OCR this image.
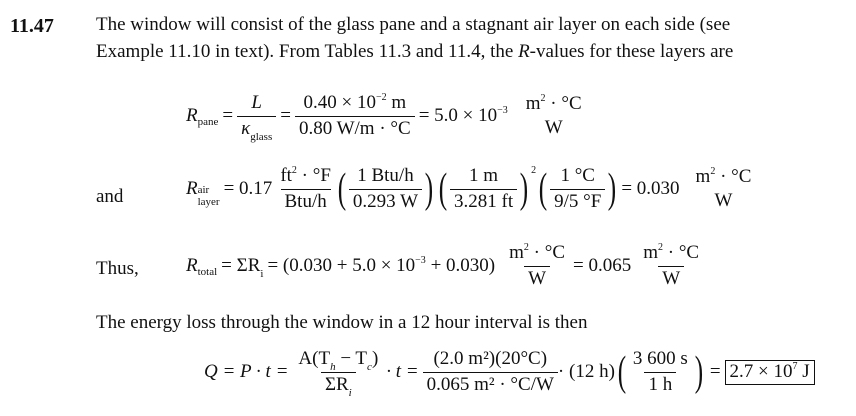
11.47 The window will consist of the glass pane and a stagnant air layer on each side (see
Example 11.10 in text). From Tables 11.3 and 11.4, the R-values for these layers are
R pane = $\frac{L}{\kappa_{glass}} = \frac{0.40 \times 10^{-2} m}{0.80 W/m \cdot ^\circ C} = 5.0 \times 10^{-3}$ $m^2 \cdot ^\circ C$
W
and	R air
layer
= $0.17 \frac{ft^2 \cdot ^\circ F}{\text{Btu/h}}$ ( $\frac{\text{1 Btu/h}}{0.293 W}$ ) ( $\frac{1 m}{3.281 ft}$ ) 2 ( $\frac{1 ^\circ C}{9/5 ^\circ F}$ ) = 0.030
$m^2 \cdot ^\circ C$
W
Thus, R total = $\Sigma R_i = (0.030 + 5.0 \times 10^{-3} + 0.030) \frac{m^2 \cdot ^\circ C}{W} = 0.065 \frac{m^2 \cdot ^\circ C}{W}$
The energy loss through the window in a 12 hour interval is then
$Q = P \cdot t = \frac{A(T_h - T_c)}{\Sigma R_i} \cdot t = \frac{\text{(2.0 m²)(20°C)}}{\text{0.065 m² · °C/W}} \cdot (12$ h) ( $\frac{3 600 s}{1 h}$ ) = $2.7 \times 10^7$ J
